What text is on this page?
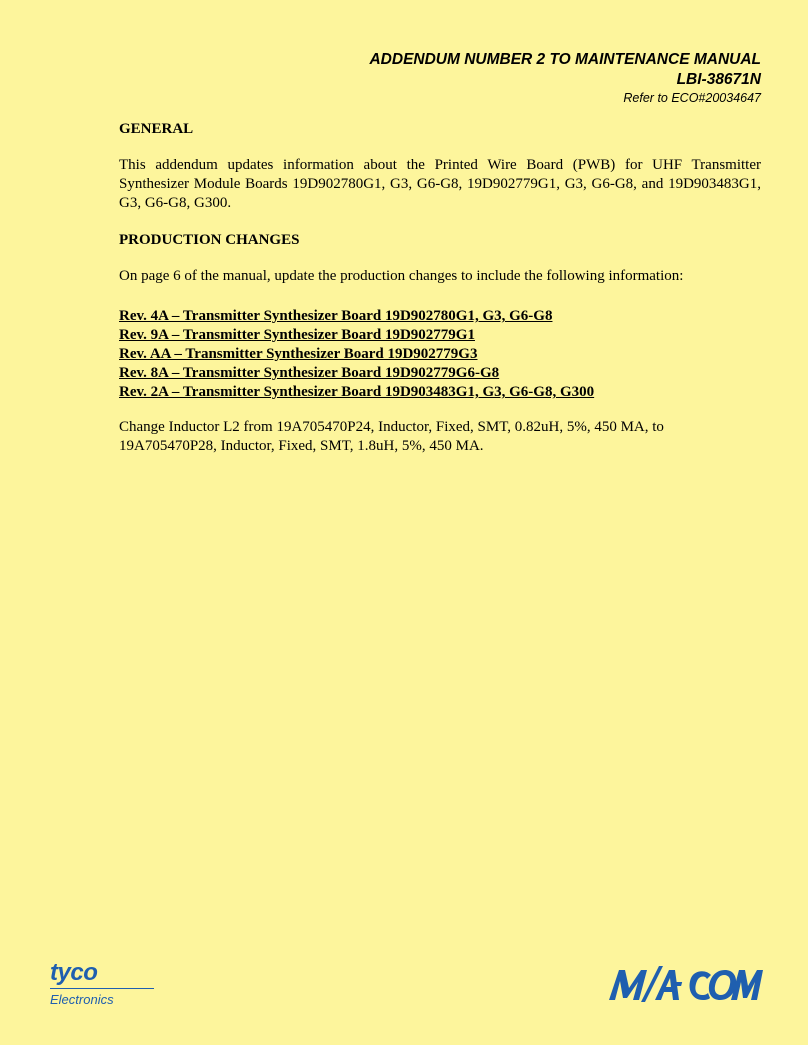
ADDENDUM NUMBER 2 TO MAINTENANCE MANUAL
LBI-38671N
Refer to ECO#20034647

GENERAL

This addendum updates information about the Printed Wire Board (PWB) for UHF Transmitter Synthesizer Module Boards 19D902780G1, G3, G6-G8, 19D902779G1, G3, G6-G8, and 19D903483G1, G3, G6-G8, G300.

PRODUCTION CHANGES

On page 6 of the manual, update the production changes to include the following information:

Rev. 4A – Transmitter Synthesizer Board 19D902780G1, G3, G6-G8

Rev. 9A – Transmitter Synthesizer Board 19D902779G1

Rev. AA – Transmitter Synthesizer Board 19D902779G3

Rev. 8A – Transmitter Synthesizer Board 19D902779G6-G8

Rev. 2A – Transmitter Synthesizer Board 19D903483G1, G3, G6-G8, G300

Change Inductor L2 from 19A705470P24, Inductor, Fixed, SMT, 0.82uH, 5%, 450 MA, to 19A705470P28, Inductor, Fixed, SMT, 1.8uH, 5%, 450 MA.

tyco
Electronics
